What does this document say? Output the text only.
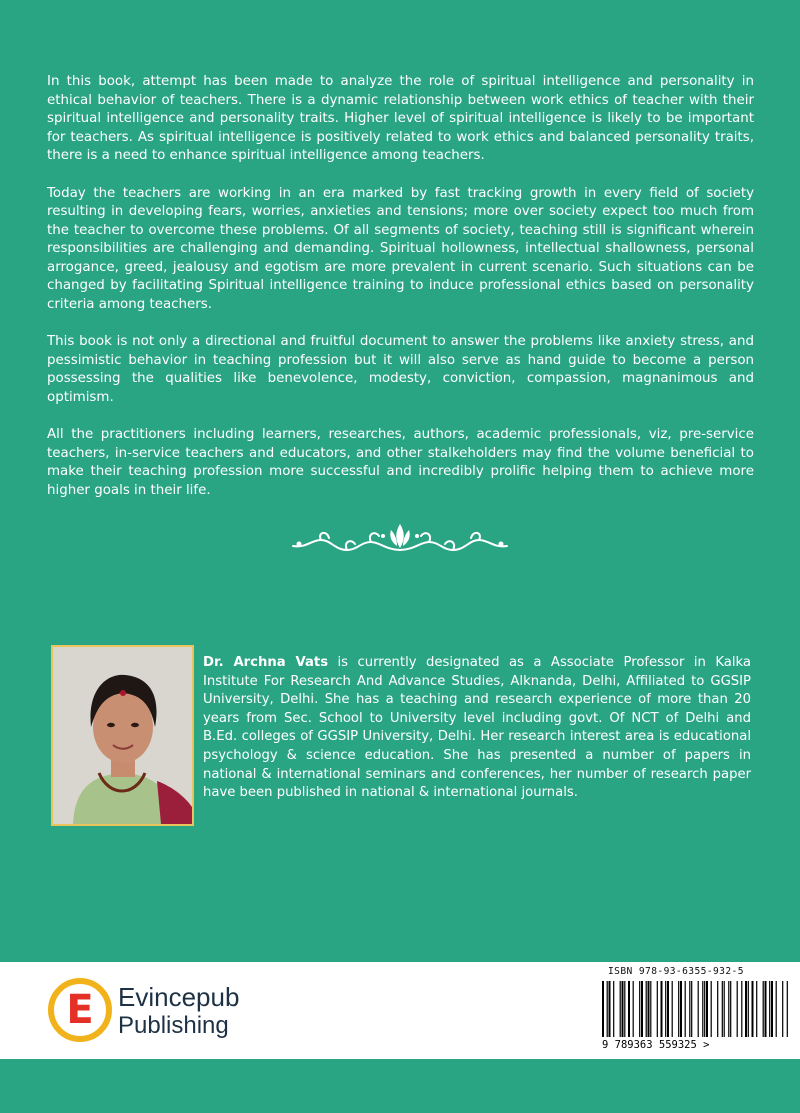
In this book, attempt has been made to analyze the role of spiritual intelligence and personality in ethical behavior of teachers. There is a dynamic relationship between work ethics of teacher with their spiritual intelligence and personality traits. Higher level of spiritual intelligence is likely to be important for teachers. As spiritual intelligence is positively related to work ethics and balanced personality traits, there is a need to enhance spiritual intelligence among teachers.

Today the teachers are working in an era marked by fast tracking growth in every field of society resulting in developing fears, worries, anxieties and tensions; more over society expect too much from the teacher to overcome these problems. Of all segments of society, teaching still is significant wherein responsibilities are challenging and demanding. Spiritual hollowness, intellectual shallowness, personal arrogance, greed, jealousy and egotism are more prevalent in current scenario. Such situations can be changed by facilitating Spiritual intelligence training to induce professional ethics based on personality criteria among teachers.

This book is not only a directional and fruitful document to answer the problems like anxiety stress, and pessimistic behavior in teaching profession but it will also serve as hand guide to become a person possessing the qualities like benevolence, modesty, conviction, compassion, magnanimous and optimism.

All the practitioners including learners, researches, authors, academic professionals, viz, pre-service teachers, in-service teachers and educators, and other stalkeholders may find the volume beneficial to make their teaching profession more successful and incredibly prolific helping them to achieve more higher goals in their life.

Dr. Archna Vats is currently designated as a Associate Professor in Kalka Institute For Research And Advance Studies, Alknanda, Delhi, Affiliated to GGSIP University, Delhi. She has a teaching and research experience of more than 20 years from Sec. School to University level including govt. Of NCT of Delhi and B.Ed. colleges of GGSIP University, Delhi. Her research interest area is educational psychology & science education. She has presented a number of papers in national & international seminars and conferences, her number of research paper have been published in national & international journals.
E Evincepub
Publishing
ISBN 978-93-6355-932-5
9 789363 559325 >
